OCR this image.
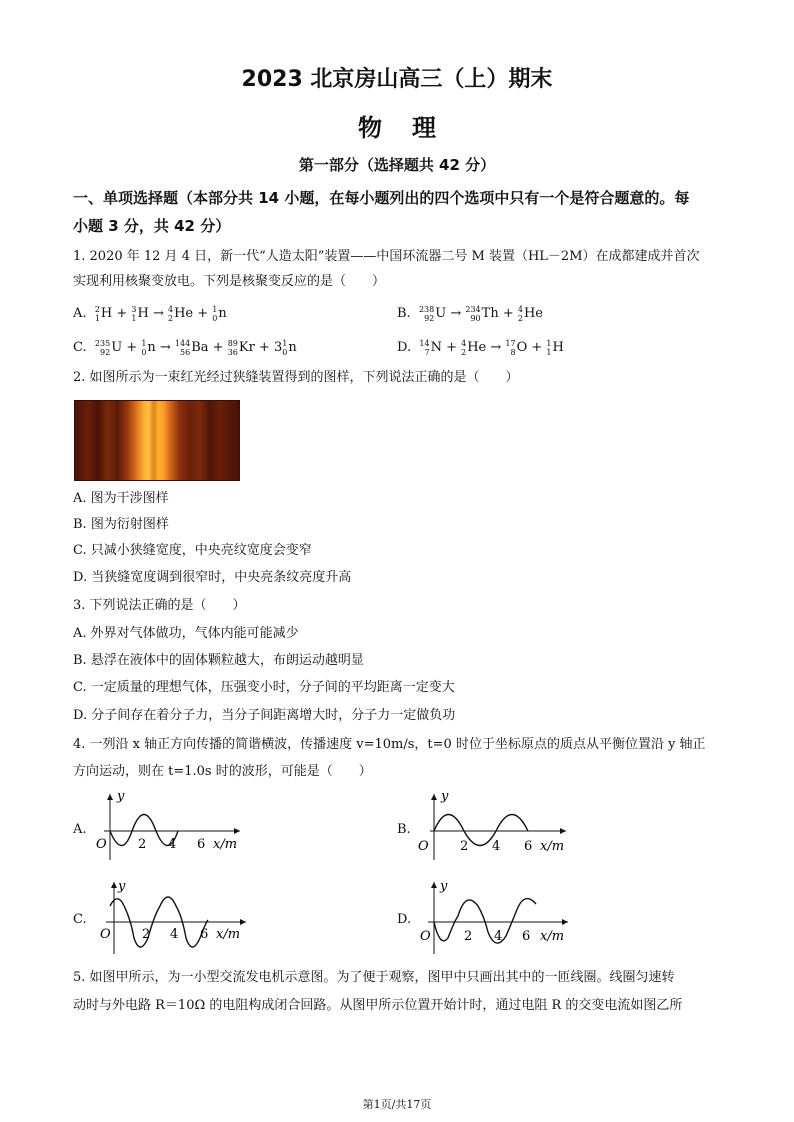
2023 北京房山高三（上）期末
物理
第一部分（选择题共 42 分）
一、单项选择题（本部分共 14 小题，在每小题列出的四个选项中只有一个是符合题意的。每
小题 3 分，共 42 分）
1. 2020 年 12 月 4 日，新一代“人造太阳”装置——中国环流器二号 M 装置（HL－2M）在成都建成并首次
实现利用核聚变放电。下列是核聚变反应的是（　　）
A. 2
1 H + 3
1 H → 4
2 He + 1
0 n	B. 238
92 U → 234
90 Th + 4
2 He
C. 235
92 U + 1
0 n → 144
56 Ba + 89
36 Kr + 3 1
0 n	D. 14
7 N + 4
2 He → 17
8 O + 1
1 H
2. 如图所示为一束红光经过狭缝装置得到的图样，下列说法正确的是（　　）
A. 图为干涉图样
B. 图为衍射图样
C. 只减小狭缝宽度，中央亮纹宽度会变窄
D. 当狭缝宽度调到很窄时，中央亮条纹亮度升高
3. 下列说法正确的是（　　）
A. 外界对气体做功，气体内能可能减少
B. 悬浮在液体中的固体颗粒越大，布朗运动越明显
C. 一定质量的理想气体，压强变小时，分子间的平均距离一定变大
D. 分子间存在着分子力，当分子间距离增大时，分子力一定做负功
4. 一列沿 x 轴正方向传播的简谐横波，传播速度 v=10m/s，t=0 时位于坐标原点的质点从平衡位置沿 y 轴正
方向运动，则在 t=1.0s 时的波形，可能是（　　）
A.
y
O 2 4 6 x/m
B.
y
O 2 4 6 x/m
C.
y
O 2 4 6 x/m
D.
y
O	2 4 6 x/m
5. 如图甲所示，为一小型交流发电机示意图。为了便于观察，图甲中只画出其中的一匝线圈。线圈匀速转
动时与外电路 R＝10Ω 的电阻构成闭合回路。从图甲所示位置开始计时，通过电阻 R 的交变电流如图乙所
第1页/共17页
